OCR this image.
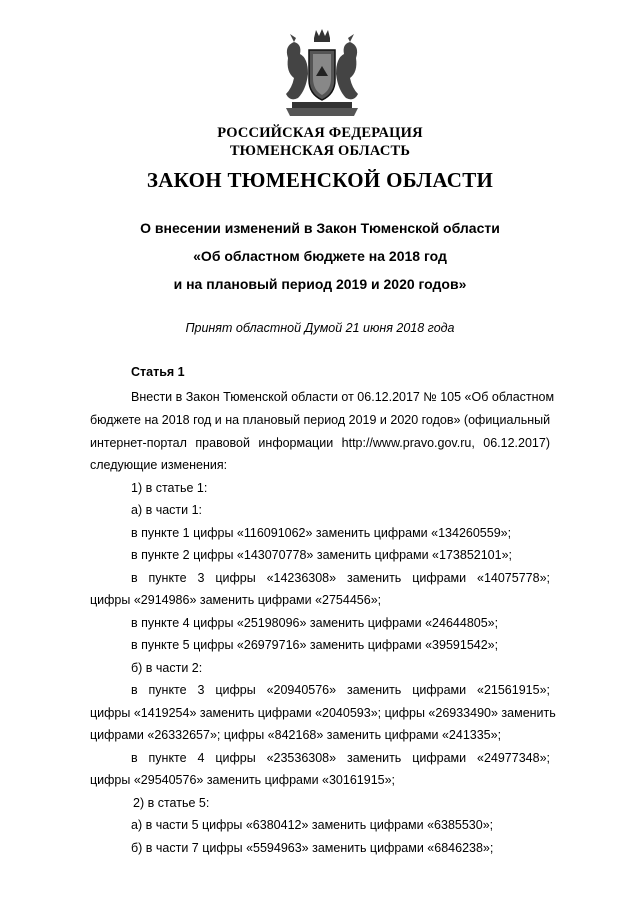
РОССИЙСКАЯ ФЕДЕРАЦИЯ
ТЮМЕНСКАЯ ОБЛАСТЬ
ЗАКОН ТЮМЕНСКОЙ ОБЛАСТИ
О внесении изменений в Закон Тюменской области
«Об областном бюджете на 2018 год
и на плановый период 2019 и 2020 годов»
Принят областной Думой 21 июня 2018 года
Статья 1
Внести в Закон Тюменской области от 06.12.2017 № 105 «Об областном
бюджете на 2018 год и на плановый период 2019 и 2020 годов» (официальный
интернет-портал правовой информации http://www.pravo.gov.ru, 06.12.2017)
следующие изменения:
1) в статье 1:
а) в части 1:
в пункте 1 цифры «116091062» заменить цифрами «134260559»;
в пункте 2 цифры «143070778» заменить цифрами «173852101»;
в пункте 3 цифры «14236308» заменить цифрами «14075778»;
цифры «2914986» заменить цифрами «2754456»;
в пункте 4 цифры «25198096» заменить цифрами «24644805»;
в пункте 5 цифры «26979716» заменить цифрами «39591542»;
б) в части 2:
в пункте 3 цифры «20940576» заменить цифрами «21561915»;
цифры «1419254» заменить цифрами «2040593»; цифры «26933490» заменить
цифрами «26332657»; цифры «842168» заменить цифрами «241335»;
в пункте 4 цифры «23536308» заменить цифрами «24977348»;
цифры «29540576» заменить цифрами «30161915»;
2) в статье 5:
а) в части 5 цифры «6380412» заменить цифрами «6385530»;
б) в части 7 цифры «5594963» заменить цифрами «6846238»;
